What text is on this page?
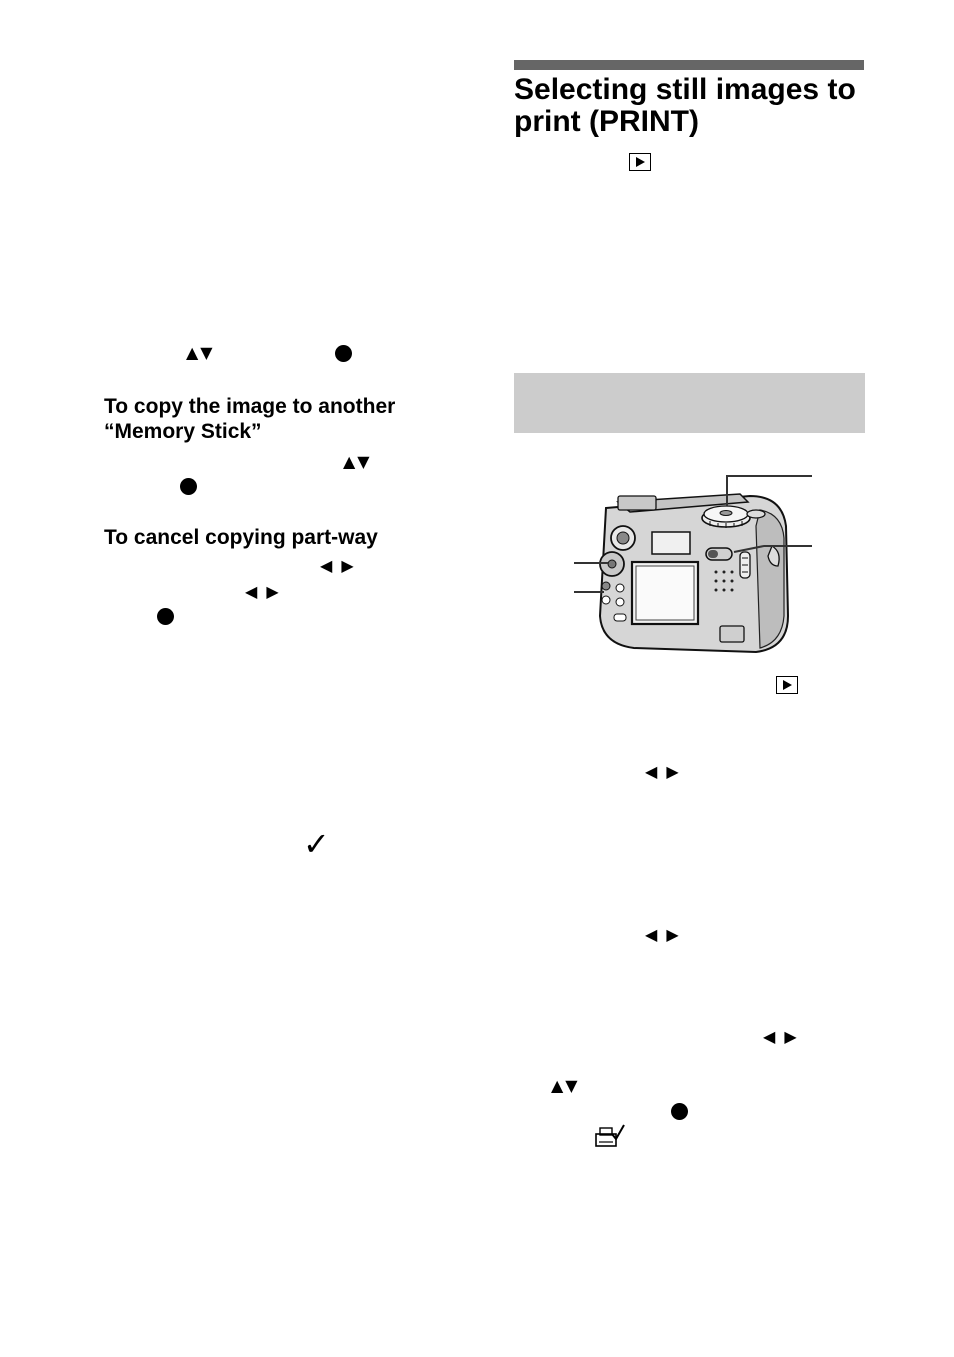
▲▼
To copy the image to another “Memory Stick”
▲▼
To cancel copying part-way
◀ ▶
◀ ▶
✓
Selecting still images to print (PRINT)
◀ ▶
◀ ▶
◀ ▶
▲▼
